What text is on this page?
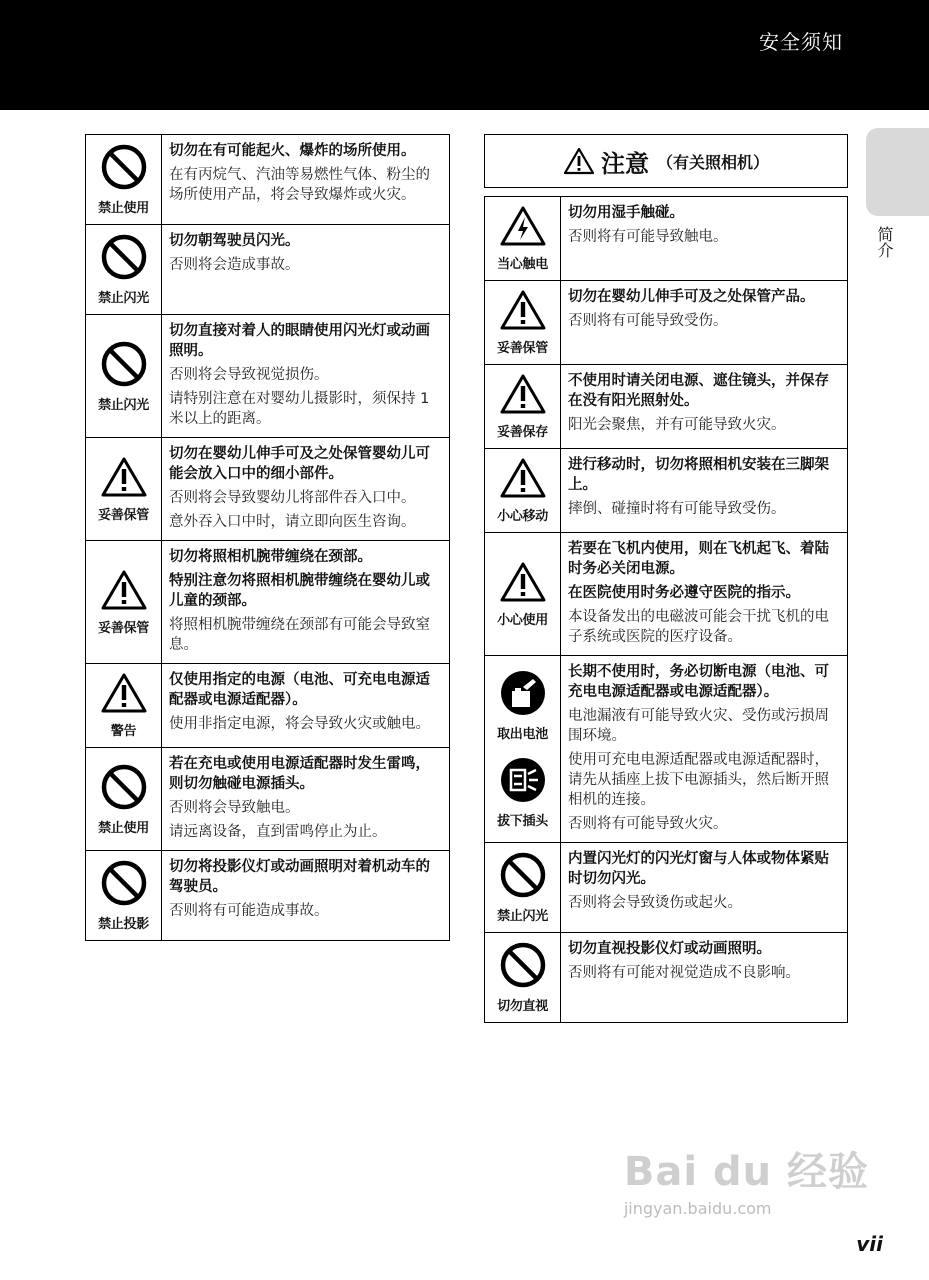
安全须知
简介
禁止使用

切勿在有可能起火、爆炸的场所使用。

在有丙烷气、汽油等易燃性气体、粉尘的场所使用产品，将会导致爆炸或火灾。

禁止闪光

切勿朝驾驶员闪光。

否则将会造成事故。

禁止闪光

切勿直接对着人的眼睛使用闪光灯或动画照明。

否则将会导致视觉损伤。

请特别注意在对婴幼儿摄影时，须保持 1 米以上的距离。

妥善保管

切勿在婴幼儿伸手可及之处保管婴幼儿可能会放入口中的细小部件。

否则将会导致婴幼儿将部件吞入口中。

意外吞入口中时，请立即向医生咨询。

妥善保管

切勿将照相机腕带缠绕在颈部。

特别注意勿将照相机腕带缠绕在婴幼儿或儿童的颈部。

将照相机腕带缠绕在颈部有可能会导致窒息。

警告

仅使用指定的电源（电池、可充电电源适配器或电源适配器）。

使用非指定电源，将会导致火灾或触电。

禁止使用

若在充电或使用电源适配器时发生雷鸣，则切勿触碰电源插头。

否则将会导致触电。

请远离设备，直到雷鸣停止为止。

禁止投影

切勿将投影仪灯或动画照明对着机动车的驾驶员。

否则将有可能造成事故。

注意 （有关照相机）
当心触电

切勿用湿手触碰。

否则将有可能导致触电。

妥善保管

切勿在婴幼儿伸手可及之处保管产品。

否则将有可能导致受伤。

妥善保存

不使用时请关闭电源、遮住镜头，并保存在没有阳光照射处。

阳光会聚焦，并有可能导致火灾。

小心移动

进行移动时，切勿将照相机安装在三脚架上。

摔倒、碰撞时将有可能导致受伤。

小心使用

若要在飞机内使用，则在飞机起飞、着陆时务必关闭电源。

在医院使用时务必遵守医院的指示。

本设备发出的电磁波可能会干扰飞机的电子系统或医院的医疗设备。

取出电池
拔下插头

长期不使用时，务必切断电源（电池、可充电电源适配器或电源适配器）。

电池漏液有可能导致火灾、受伤或污损周围环境。

使用可充电电源适配器或电源适配器时，请先从插座上拔下电源插头，然后断开照相机的连接。

否则将有可能导致火灾。

禁止闪光

内置闪光灯的闪光灯窗与人体或物体紧贴时切勿闪光。

否则将会导致烫伤或起火。

切勿直视

切勿直视投影仪灯或动画照明。

否则将有可能对视觉造成不良影响。

Bai du 经验
jingyan.baidu.com
vii
